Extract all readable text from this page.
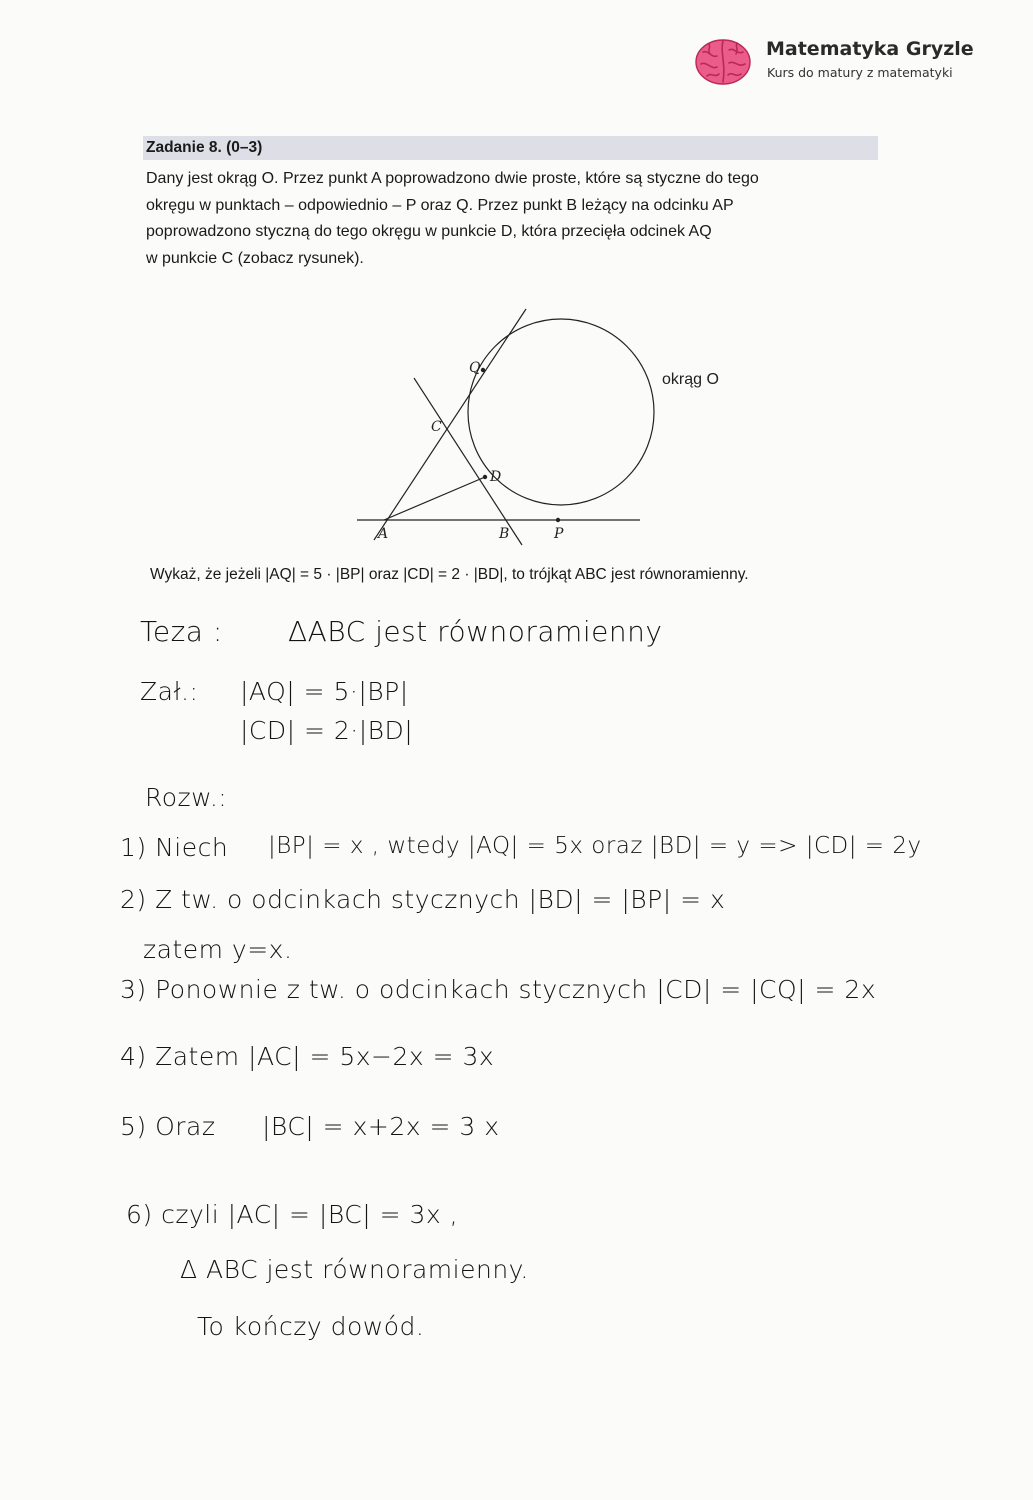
Matematyka Gryzle
Kurs do matury z matematyki
Zadanie 8. (0–3)

Dany jest okrąg O. Przez punkt A poprowadzono dwie proste, które są styczne do tego

okręgu w punktach – odpowiednio – P oraz Q. Przez punkt B leżący na odcinku AP

poprowadzono styczną do tego okręgu w punkcie D, która przecięła odcinek AQ

w punkcie C (zobacz rysunek).

Q
C
D
A	B	P
okrąg O
Wykaż, że jeżeli |AQ| = 5 · |BP| oraz |CD| = 2 · |BD|, to trójkąt ABC jest równoramienny.
Teza : ΔABC jest równoramienny
Zał.: |AQ| = 5·|BP|
|CD| = 2·|BD|
Rozw.:
1) Niech |BP| = x , wtedy |AQ| = 5x oraz |BD| = y => |CD| = 2y
2) Z tw. o odcinkach stycznych |BD| = |BP| = x
zatem y=x.
3) Ponownie z tw. o odcinkach stycznych |CD| = |CQ| = 2x
4) Zatem |AC| = 5x−2x = 3x
5) Oraz |BC| = x+2x = 3 x
6) czyli |AC| = |BC| = 3x ,
Δ ABC jest równoramienny.
To kończy dowód.
